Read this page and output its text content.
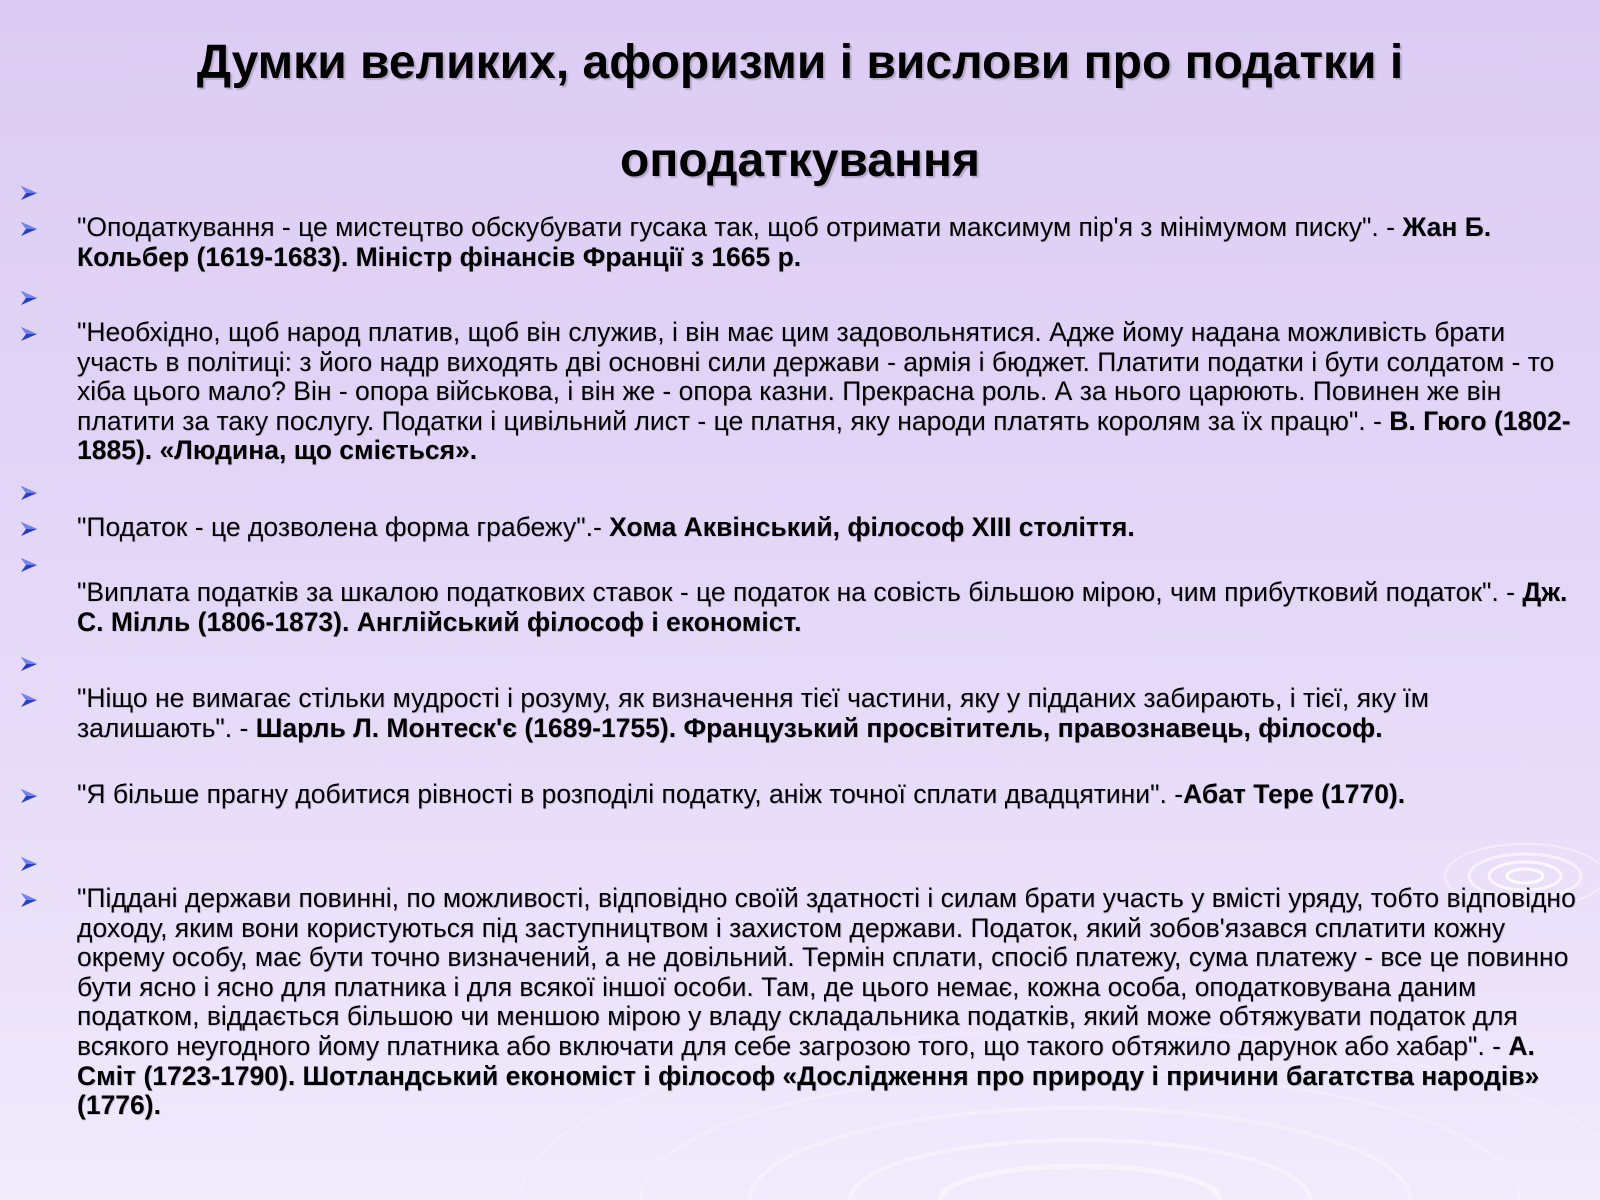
Думки великих, афоризми і вислови про податки і
оподаткування
"Оподаткування - це мистецтво обскубувати гусака так, щоб отримати максимум пір'я з мінімумом писку". - Жан Б. Кольбер (1619-1683). Міністр фінансів Франції з 1665 р.
"Необхідно, щоб народ платив, щоб він служив, і він має цим задовольнятися. Адже йому надана можливість брати участь в політиці: з його надр виходять дві основні сили держави - армія і бюджет. Платити податки і бути солдатом - то хіба цього мало? Він - опора військова, і він же - опора казни. Прекрасна роль. А за нього царюють. Повинен же він платити за таку послугу. Податки і цивільний лист - це платня, яку народи платять королям за їх працю". - В. Гюго (1802-1885). «Людина, що сміється».
"Податок - це дозволена форма грабежу".- Хома Аквінський, філософ XIII століття.
"Виплата податків за шкалою податкових ставок - це податок на совість більшою мірою, чим прибутковий податок". - Дж. С. Мілль (1806-1873). Англійський філософ і економіст.
"Ніщо не вимагає стільки мудрості і розуму, як визначення тієї частини, яку у підданих забирають, і тієї, яку їм залишають". - Шарль Л. Монтеск'є (1689-1755). Французький просвітитель, правознавець, філософ.
"Я більше прагну добитися рівності в розподілі податку, аніж точної сплати двадцятини". -Абат Тере (1770).
"Піддані держави повинні, по можливості, відповідно своїй здатності і силам брати участь у вмісті уряду, тобто відповідно доходу, яким вони користуються під заступництвом і захистом держави. Податок, який зобов'язався сплатити кожну окрему особу, має бути точно визначений, а не довільний. Термін сплати, спосіб платежу, сума платежу - все це повинно бути ясно і ясно для платника і для всякої іншої особи. Там, де цього немає, кожна особа, оподатковувана даним податком, віддається більшою чи меншою мірою у владу складальника податків, який може обтяжувати податок для всякого неугодного йому платника або включати для себе загрозою того, що такого обтяжило дарунок або хабар". - А. Сміт (1723-1790). Шотландський економіст і філософ «Дослідження про природу і причини багатства народів» (1776).
